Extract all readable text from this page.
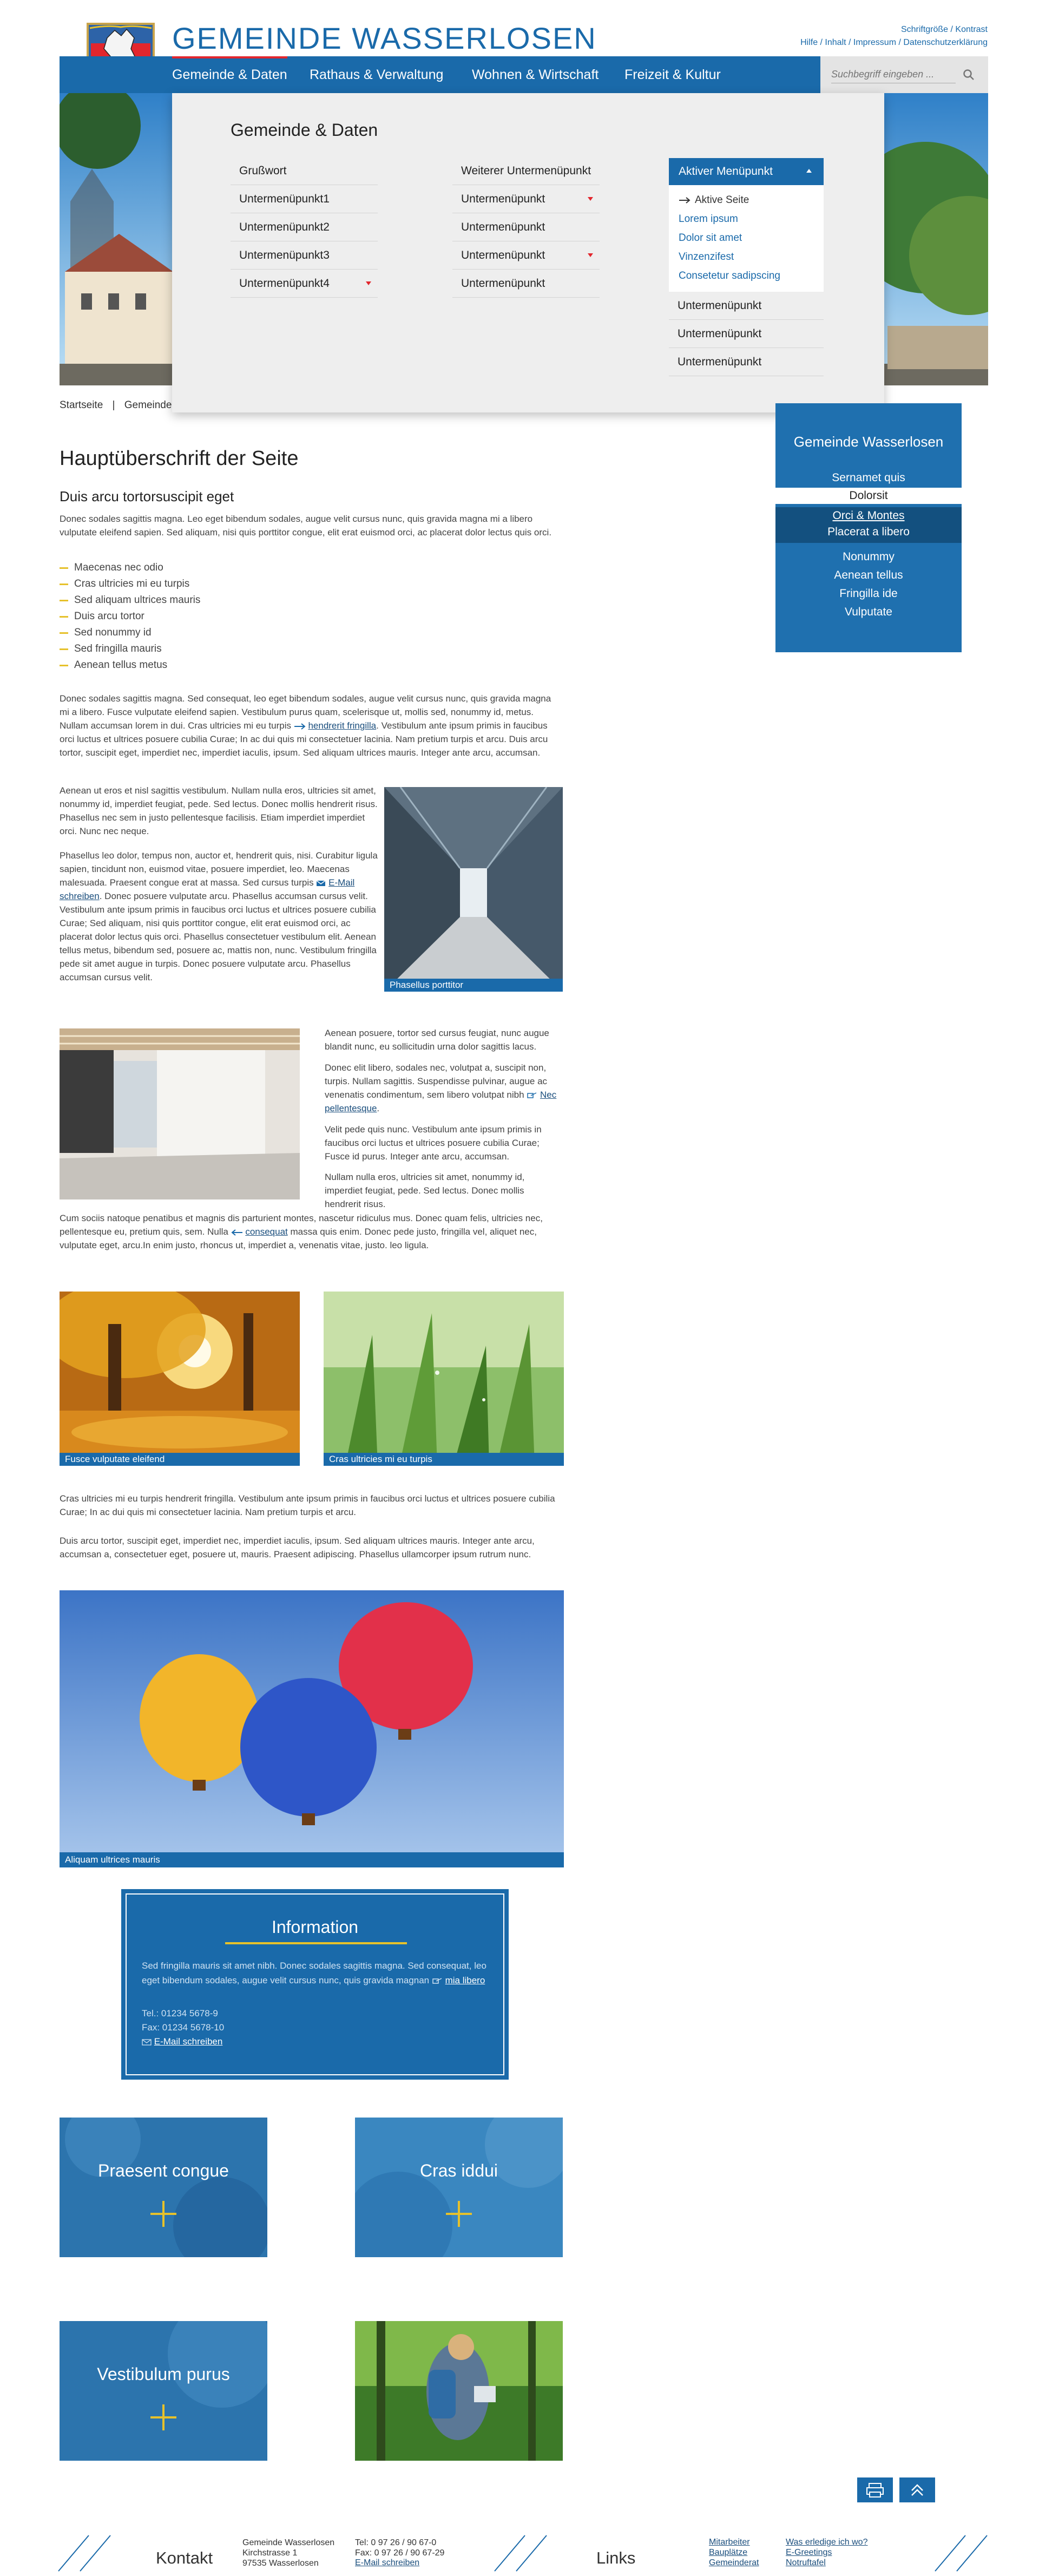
GEMEINDE WASSERLOSEN	Schriftgröße / Kontrast
Hilfe / Inhalt / Impressum / Datenschutzerklärung
Gemeinde & Daten Rathaus & Verwaltung Wohnen & Wirtschaft Freizeit & Kultur
Suchbegriff eingeben ...
Gemeinde & Daten
Grußwort
Untermenüpunkt1
Untermenüpunkt2
Untermenüpunkt3
Untermenüpunkt4
Weiterer Untermenüpunkt
Untermenüpunkt
Untermenüpunkt
Untermenüpunkt
Untermenüpunkt
Aktiver Menüpunkt
Aktive Seite
Lorem ipsum
Dolor sit amet
Vinzenzifest
Consetetur sadipscing
Untermenüpunkt
Untermenüpunkt
Untermenüpunkt
Startseite | Gemeinde
Gemeinde Wasserlosen
Sernamet quis
Dolorsit
Orci & Montes
Placerat a libero
Nonummy
Aenean tellus
Fringilla ide
Vulputate
Hauptüberschrift der Seite
Duis arcu tortorsuscipit eget

Donec sodales sagittis magna. Leo eget bibendum sodales, augue velit cursus nunc, quis gravida magna mi a libero vulputate eleifend sapien. Sed aliquam, nisi quis porttitor congue, elit erat euismod orci, ac placerat dolor lectus quis orci.

Maecenas nec odio
Cras ultricies mi eu turpis
Sed aliquam ultrices mauris
Duis arcu tortor
Sed nonummy id
Sed fringilla mauris
Aenean tellus metus

Donec sodales sagittis magna. Sed consequat, leo eget bibendum sodales, augue velit cursus nunc, quis gravida magna mi a libero. Fusce vulputate eleifend sapien. Vestibulum purus quam, scelerisque ut, mollis sed, nonummy id, metus. Nullam accumsan lorem in dui. Cras ultricies mi eu turpis hendrerit fringilla. Vestibulum ante ipsum primis in faucibus orci luctus et ultrices posuere cubilia Curae; In ac dui quis mi consectetuer lacinia. Nam pretium turpis et arcu. Duis arcu tortor, suscipit eget, imperdiet nec, imperdiet iaculis, ipsum. Sed aliquam ultrices mauris. Integer ante arcu, accumsan.

Aenean ut eros et nisl sagittis vestibulum. Nullam nulla eros, ultricies sit amet, nonummy id, imperdiet feugiat, pede. Sed lectus. Donec mollis hendrerit risus. Phasellus nec sem in justo pellentesque facilisis. Etiam imperdiet imperdiet orci. Nunc nec neque.

Phasellus leo dolor, tempus non, auctor et, hendrerit quis, nisi. Curabitur ligula sapien, tincidunt non, euismod vitae, posuere imperdiet, leo. Maecenas malesuada. Praesent congue erat at massa. Sed cursus turpis E-Mail schreiben. Donec posuere vulputate arcu. Phasellus accumsan cursus velit. Vestibulum ante ipsum primis in faucibus orci luctus et ultrices posuere cubilia Curae; Sed aliquam, nisi quis porttitor congue, elit erat euismod orci, ac placerat dolor lectus quis orci. Phasellus consectetuer vestibulum elit. Aenean tellus metus, bibendum sed, posuere ac, mattis non, nunc. Vestibulum fringilla pede sit amet augue in turpis. Donec posuere vulputate arcu. Phasellus accumsan cursus velit.

Phasellus porttitor

Aenean posuere, tortor sed cursus feugiat, nunc augue blandit nunc, eu sollicitudin urna dolor sagittis lacus.

Donec elit libero, sodales nec, volutpat a, suscipit non, turpis. Nullam sagittis. Suspendisse pulvinar, augue ac venenatis condimentum, sem libero volutpat nibh Nec pellentesque.

Velit pede quis nunc. Vestibulum ante ipsum primis in faucibus orci luctus et ultrices posuere cubilia Curae; Fusce id purus. Integer ante arcu, accumsan.

Nullam nulla eros, ultricies sit amet, nonummy id, imperdiet feugiat, pede. Sed lectus. Donec mollis hendrerit risus.

Cum sociis natoque penatibus et magnis dis parturient montes, nascetur ridiculus mus. Donec quam felis, ultricies nec, pellentesque eu, pretium quis, sem. Nulla consequat massa quis enim. Donec pede justo, fringilla vel, aliquet nec, vulputate eget, arcu.In enim justo, rhoncus ut, imperdiet a, venenatis vitae, justo. leo ligula.

Fusce vulputate eleifend	Cras ultricies mi eu turpis

Cras ultricies mi eu turpis hendrerit fringilla. Vestibulum ante ipsum primis in faucibus orci luctus et ultrices posuere cubilia Curae; In ac dui quis mi consectetuer lacinia. Nam pretium turpis et arcu.

Duis arcu tortor, suscipit eget, imperdiet nec, imperdiet iaculis, ipsum. Sed aliquam ultrices mauris. Integer ante arcu, accumsan a, consectetuer eget, posuere ut, mauris. Praesent adipiscing. Phasellus ullamcorper ipsum rutrum nunc.

Aliquam ultrices mauris
Information

Sed fringilla mauris sit amet nibh. Donec sodales sagittis magna. Sed consequat, leo eget bibendum sodales, augue velit cursus nunc, quis gravida magnan mia libero

Tel.: 01234 5678-9
Fax: 01234 5678-10
E-Mail schreiben
Praesent congue	Cras iddui
Vestibulum purus
Kontakt
Gemeinde Wasserlosen
Kirchstrasse 1
97535 Wasserlosen
Tel: 0 97 26 / 90 67-0
Fax: 0 97 26 / 90 67-29
E-Mail schreiben	Links
Mitarbeiter
Bauplätze
Gemeinderat
Was erledige ich wo?
E-Greetings
Notruftafel
